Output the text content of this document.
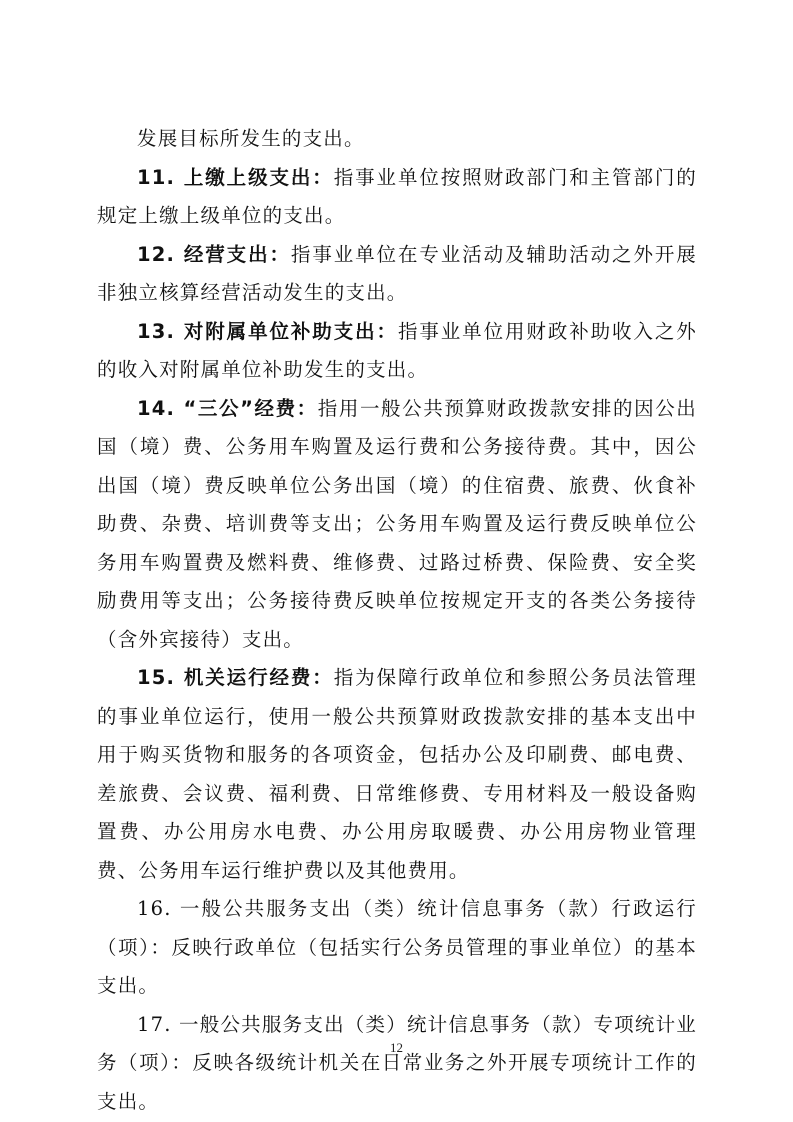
发展目标所发生的支出。

11. 上缴上级支出：指事业单位按照财政部门和主管部门的规定上缴上级单位的支出。

12. 经营支出：指事业单位在专业活动及辅助活动之外开展非独立核算经营活动发生的支出。

13. 对附属单位补助支出：指事业单位用财政补助收入之外的收入对附属单位补助发生的支出。

14. “三公”经费：指用一般公共预算财政拨款安排的因公出国（境）费、公务用车购置及运行费和公务接待费。其中，因公出国（境）费反映单位公务出国（境）的住宿费、旅费、伙食补助费、杂费、培训费等支出；公务用车购置及运行费反映单位公务用车购置费及燃料费、维修费、过路过桥费、保险费、安全奖励费用等支出；公务接待费反映单位按规定开支的各类公务接待（含外宾接待）支出。

15. 机关运行经费：指为保障行政单位和参照公务员法管理的事业单位运行，使用一般公共预算财政拨款安排的基本支出中用于购买货物和服务的各项资金，包括办公及印刷费、邮电费、差旅费、会议费、福利费、日常维修费、专用材料及一般设备购置费、办公用房水电费、办公用房取暖费、办公用房物业管理费、公务用车运行维护费以及其他费用。

16. 一般公共服务支出（类）统计信息事务（款）行政运行（项）：反映行政单位（包括实行公务员管理的事业单位）的基本支出。

17. 一般公共服务支出（类）统计信息事务（款）专项统计业务（项）：反映各级统计机关在日常业务之外开展专项统计工作的支出。

12
